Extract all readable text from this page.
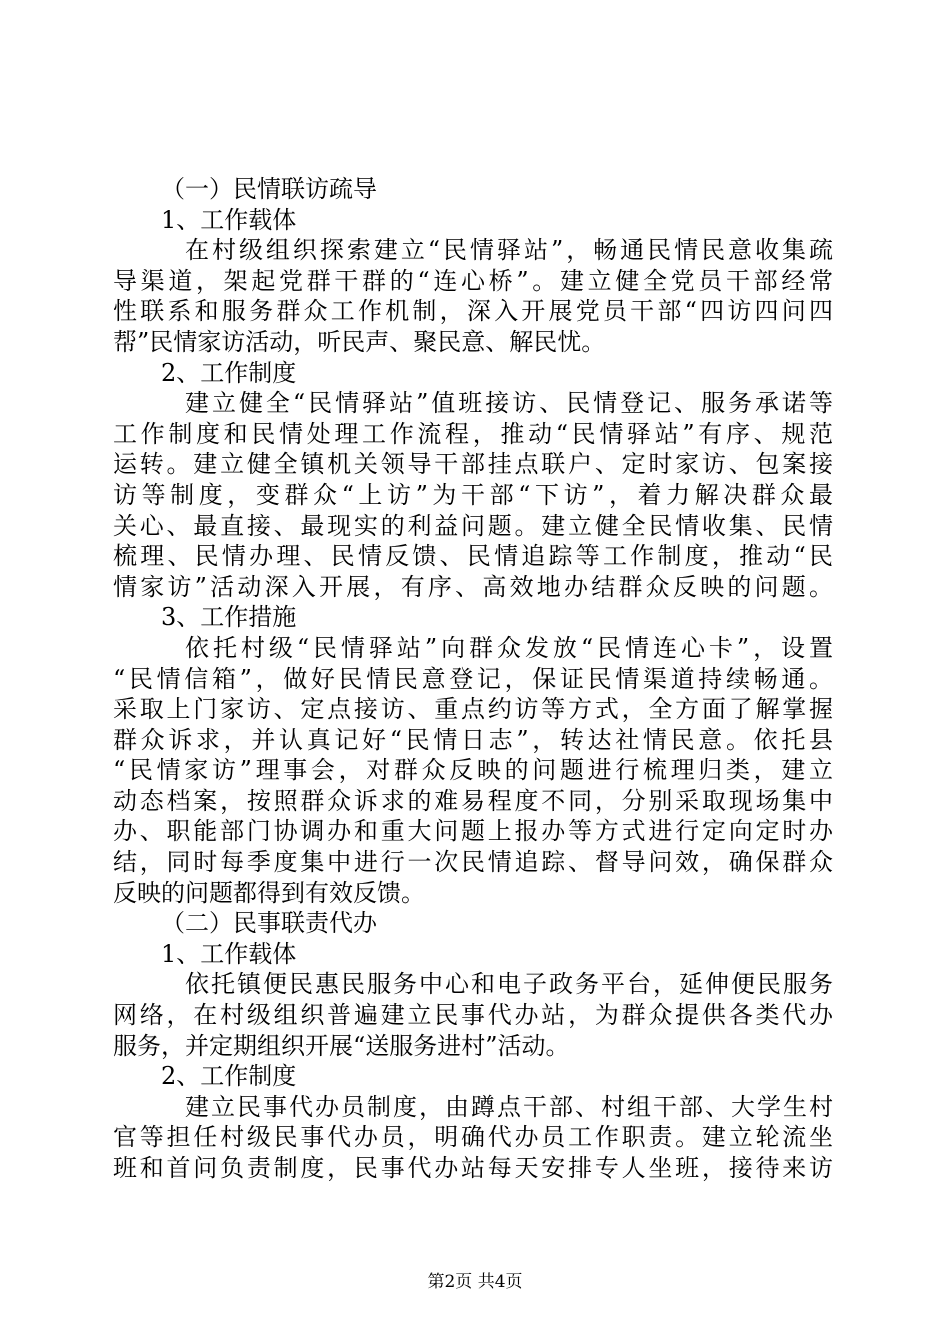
（一）民情联访疏导
1、工作载体
在村级组织探索建立“民情驿站”，畅通民情民意收集疏
导渠道，架起党群干群的“连心桥”。建立健全党员干部经常
性联系和服务群众工作机制，深入开展党员干部“四访四问四
帮”民情家访活动，听民声、聚民意、解民忧。
2、工作制度
建立健全“民情驿站”值班接访、民情登记、服务承诺等
工作制度和民情处理工作流程，推动“民情驿站”有序、规范
运转。建立健全镇机关领导干部挂点联户、定时家访、包案接
访等制度，变群众“上访”为干部“下访”，着力解决群众最
关心、最直接、最现实的利益问题。建立健全民情收集、民情
梳理、民情办理、民情反馈、民情追踪等工作制度，推动“民
情家访”活动深入开展，有序、高效地办结群众反映的问题。
3、工作措施
依托村级“民情驿站”向群众发放“民情连心卡”，设置
“民情信箱”，做好民情民意登记，保证民情渠道持续畅通。
采取上门家访、定点接访、重点约访等方式，全方面了解掌握
群众诉求，并认真记好“民情日志”，转达社情民意。依托县
“民情家访”理事会，对群众反映的问题进行梳理归类，建立
动态档案，按照群众诉求的难易程度不同，分别采取现场集中
办、职能部门协调办和重大问题上报办等方式进行定向定时办
结，同时每季度集中进行一次民情追踪、督导问效，确保群众
反映的问题都得到有效反馈。
（二）民事联责代办
1、工作载体
依托镇便民惠民服务中心和电子政务平台，延伸便民服务
网络，在村级组织普遍建立民事代办站，为群众提供各类代办
服务，并定期组织开展“送服务进村”活动。
2、工作制度
建立民事代办员制度，由蹲点干部、村组干部、大学生村
官等担任村级民事代办员，明确代办员工作职责。建立轮流坐
班和首问负责制度，民事代办站每天安排专人坐班，接待来访
第2页 共4页
